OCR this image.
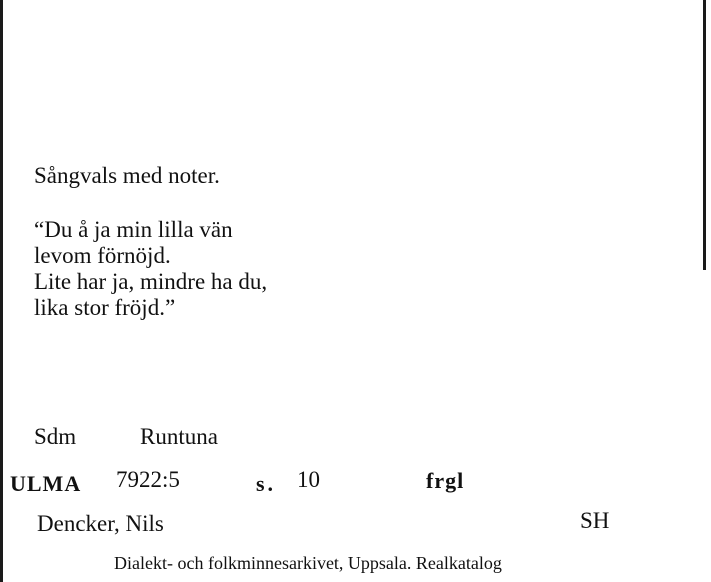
Sångvals med noter.
“Du å ja min lilla vän
levom förnöjd.
Lite har ja, mindre ha du,
lika stor fröjd.”
Sdm	Runtuna
ULMA 7922:5	s. 10	frgl
Dencker, Nils	SH
Dialekt- och folkminnesarkivet, Uppsala. Realkatalog
